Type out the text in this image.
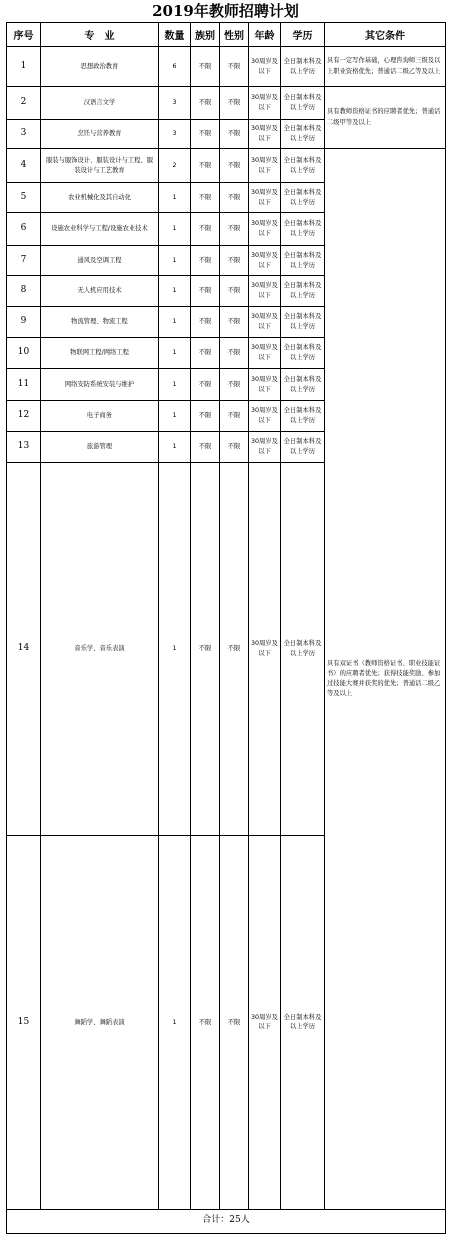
2019年教师招聘计划
序号	专　业	数量	族别	性别	年龄	学历	其它条件	
1	思想政治教育	6	不限	不限	30周岁及以下	全日制本科及以上学历	具有一定写作基础，心理咨询师三级及以上职业资格优先；普通话二级乙等及以上	
2	汉语言文学	3	不限	不限	30周岁及以下	全日制本科及以上学历	具有教师资格证书的应聘者优先；普通话二级甲等及以上	
3	烹饪与营养教育	3	不限	不限	30周岁及以下	全日制本科及以上学历		
4	服装与服饰设计、服装设计与工程、服装设计与工艺教育	2	不限	不限	30周岁及以下	全日制本科及以上学历	具有双证书（教师资格证书、职业技能证书）的应聘者优先；获得技能奖励、参加过技能大赛并获奖的优先；普通话二级乙等及以上	
5	农业机械化及其自动化	1	不限	不限	30周岁及以下	全日制本科及以上学历		
6	设施农业科学与工程/设施农业技术	1	不限	不限	30周岁及以下	全日制本科及以上学历		
7	通风及空调工程	1	不限	不限	30周岁及以下	全日制本科及以上学历		
8	无人机应用技术	1	不限	不限	30周岁及以下	全日制本科及以上学历		
9	物流管理、物流工程	1	不限	不限	30周岁及以下	全日制本科及以上学历		
10	物联网工程/网络工程	1	不限	不限	30周岁及以下	全日制本科及以上学历		
11	网络安防系统安装与维护	1	不限	不限	30周岁及以下	全日制本科及以上学历		
12	电子商务	1	不限	不限	30周岁及以下	全日制本科及以上学历		
13	旅游管理	1	不限	不限	30周岁及以下	全日制本科及以上学历		
14	音乐学、音乐表演	1	不限	不限	30周岁及以下	全日制本科及以上学历	
15	舞蹈学、舞蹈表演	1	不限	不限	30周岁及以下	全日制本科及以上学历	
合计：25人								
